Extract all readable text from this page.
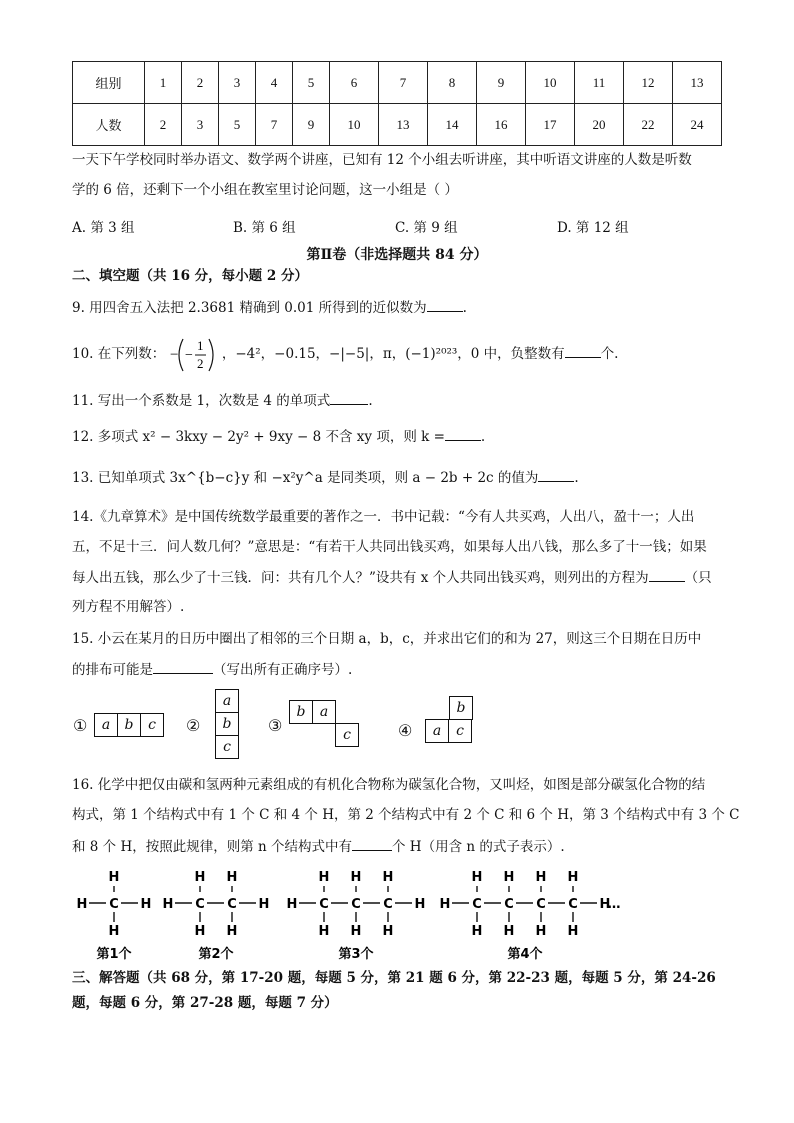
组别	1	2	3	4	5	6	7	8	9	10	11	12	13
人数	2	3	5	7	9	10	13	14	16	17	20	22	24
一天下午学校同时举办语文、数学两个讲座，已知有 12 个小组去听讲座，其中听语文讲座的人数是听数
学的 6 倍，还剩下一个小组在教室里讨论问题，这一小组是（ ）
A. 第 3 组	B. 第 6 组	C. 第 9 组	D. 第 12 组
第Ⅱ卷（非选择题共 84 分）
二、填空题（共 16 分，每小题 2 分）
9. 用四舍五入法把 2.3681 精确到 0.01 所得到的近似数为	.
10. 在下列数： − −
1
2
，−4²，−0.15，−|−5|，π，(−1)²⁰²³，0 中，负整数有	个.
11. 写出一个系数是 1，次数是 4 的单项式	.
12. 多项式 x² − 3kxy − 2y² + 9xy − 8 不含 xy 项，则 k =	.
13. 已知单项式 3x^{b−c}y 和 −x²y^a 是同类项，则 a − 2b + 2c 的值为	.
14.《九章算术》是中国传统数学最重要的著作之一．书中记载：“今有人共买鸡，人出八，盈十一；人出
五，不足十三．问人数几何？”意思是：“有若干人共同出钱买鸡，如果每人出八钱，那么多了十一钱；如果
每人出五钱，那么少了十三钱．问：共有几个人？”设共有 x 个人共同出钱买鸡，则列出的方程为	（只
列方程不用解答）.
15. 小云在某月的日历中圈出了相邻的三个日期 a，b，c，并求出它们的和为 27，则这三个日期在日历中
的排布可能是	（写出所有正确序号）.
①	a b c	②
a
b
c
③
b a
c	④
b
a c
16. 化学中把仅由碳和氢两种元素组成的有机化合物称为碳氢化合物，又叫烃，如图是部分碳氢化合物的结
构式，第 1 个结构式中有 1 个 C 和 4 个 H，第 2 个结构式中有 2 个 C 和 6 个 H，第 3 个结构式中有 3 个 C
和 8 个 H，按照此规律，则第 n 个结构式中有	个 H（用含 n 的式子表示）.
H C
H
H
H
第1个
H C
H
H
C
H
H
H
第2个
H C
H
H
C
H
H
C
H
H
H
第3个
H C
H
H
C
H
H
C
H
H
C
H
H
H
第4个
…
三、解答题（共 68 分，第 17-20 题，每题 5 分，第 21 题 6 分，第 22-23 题，每题 5 分，第 24-26
题，每题 6 分，第 27-28 题，每题 7 分）
